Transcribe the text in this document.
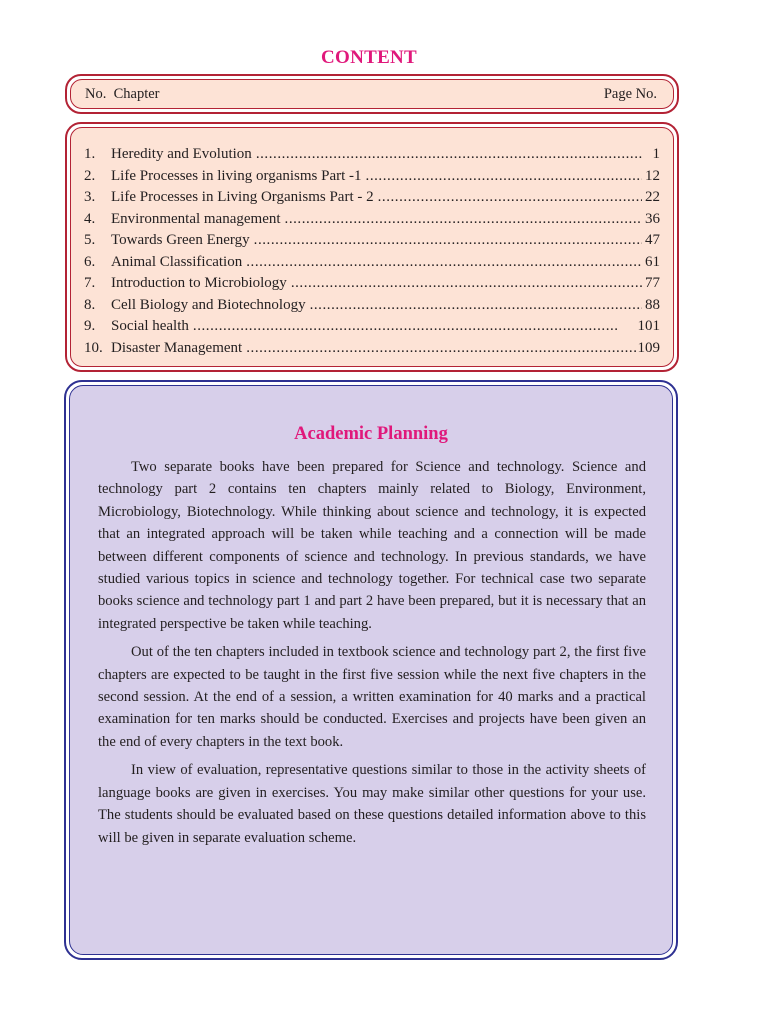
CONTENT
No. Chapter	Page No.
1.	Heredity and Evolution . . .	1
2.	Life Processes in living organisms Part -1 . . .	12
3.	Life Processes in Living Organisms Part - 2 . . .	22
4.	Environmental management . . .	36
5.	Towards Green Energy . . .	47
6.	Animal Classification . . .	61
7.	Introduction to Microbiology . . .	77
8.	Cell Biology and Biotechnology . . .	88
9.	Social health . . .	101
10. Disaster Management . . .	109
Academic Planning

Two separate books have been prepared for Science and technology. Science and technology part 2 contains ten chapters mainly related to Biology, Environment, Microbiology, Biotechnology. While thinking about science and technology, it is expected that an integrated approach will be taken while teaching and a connection will be made between different components of science and technology. In previous standards, we have studied various topics in science and technology together. For technical case two separate books science and technology part 1 and part 2 have been prepared, but it is necessary that an integrated perspective be taken while teaching.

Out of the ten chapters included in textbook science and technology part 2, the first five chapters are expected to be taught in the first five session while the next five chapters in the second session. At the end of a session, a written examination for 40 marks and a practical examination for ten marks should be conducted. Exercises and projects have been given an the end of every chapters in the text book.

In view of evaluation, representative questions similar to those in the activity sheets of language books are given in exercises. You may make similar other questions for your use. The students should be evaluated based on these questions detailed information above to this will be given in separate evaluation scheme.
